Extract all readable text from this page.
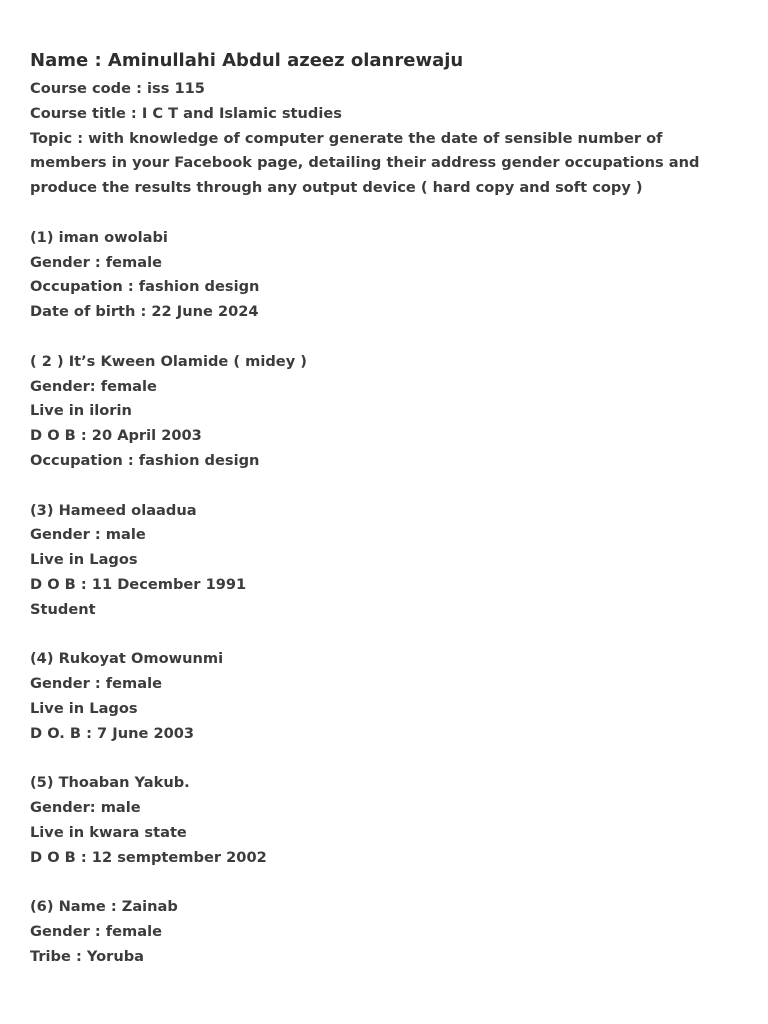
Name : Aminullahi Abdul azeez olanrewaju
Course code : iss 115
Course title : I C T and Islamic studies
Topic : with knowledge of computer generate the date of sensible number of members in your Facebook page, detailing their address gender occupations and produce the results through any output device ( hard copy and soft copy )
(1) iman owolabi
Gender : female
Occupation : fashion design
Date of birth : 22 June 2024
( 2 ) It’s Kween Olamide ( midey )
Gender: female
Live in ilorin
D O B : 20 April 2003
Occupation : fashion design
(3) Hameed olaadua
Gender : male
Live in Lagos
D O B : 11 December 1991
Student
(4) Rukoyat Omowunmi
Gender : female
Live in Lagos
D O. B : 7 June 2003
(5) Thoaban Yakub.
Gender: male
Live in kwara state
D O B : 12 semptember 2002
(6) Name : Zainab
Gender : female
Tribe : Yoruba
